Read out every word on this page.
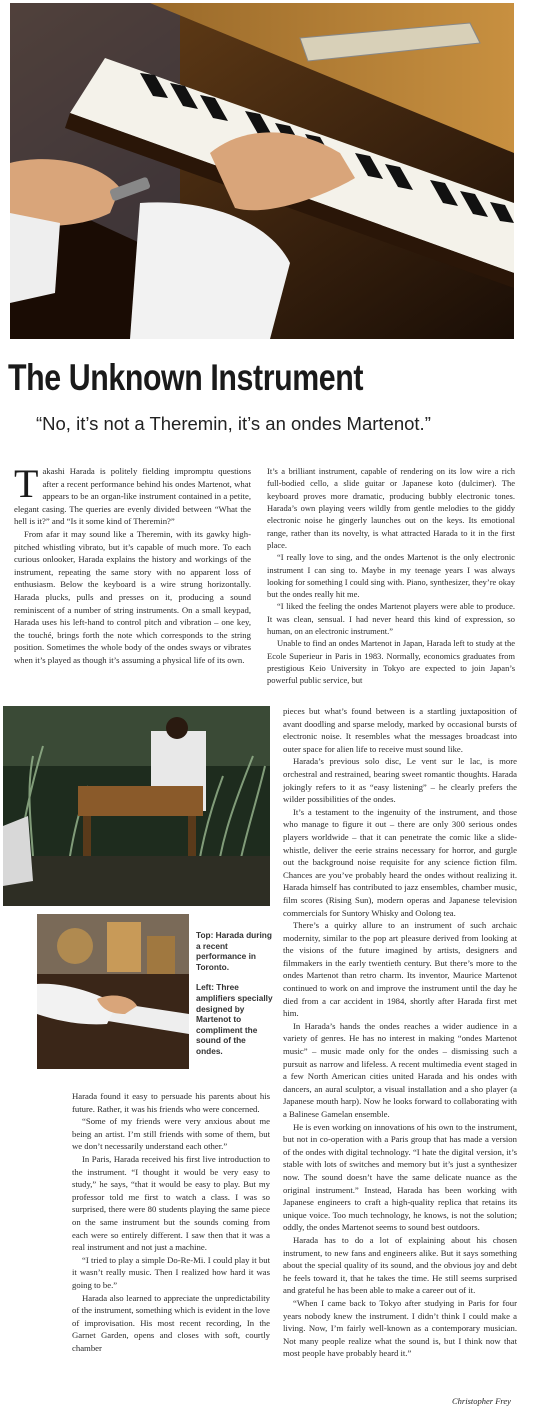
The Unknown Instrument
“No, it’s not a Theremin, it’s an ondes Martenot.”

Takashi Harada is politely fielding impromptu questions after a recent performance behind his ondes Martenot, what appears to be an organ-like instrument contained in a petite, elegant casing. The queries are evenly divided between “What the hell is it?” and “Is it some kind of Theremin?”

From afar it may sound like a Theremin, with its gawky high-pitched whistling vibrato, but it’s capable of much more. To each curious onlooker, Harada explains the history and workings of the instrument, repeating the same story with no apparent loss of enthusiasm. Below the keyboard is a wire strung horizontally. Harada plucks, pulls and presses on it, producing a sound reminiscent of a number of string instruments. On a small keypad, Harada uses his left-hand to control pitch and vibration – one key, the touché, brings forth the note which corresponds to the string position. Sometimes the whole body of the ondes sways or vibrates when it’s played as though it’s assuming a physical life of its own.

It’s a brilliant instrument, capable of rendering on its low wire a rich full-bodied cello, a slide guitar or Japanese koto (dulcimer). The keyboard proves more dramatic, producing bubbly electronic tones. Harada’s own playing veers wildly from gentle melodies to the giddy electronic noise he gingerly launches out on the keys. Its emotional range, rather than its novelty, is what attracted Harada to it in the first place.

“I really love to sing, and the ondes Martenot is the only electronic instrument I can sing to. Maybe in my teenage years I was always looking for something I could sing with. Piano, synthesizer, they’re okay but the ondes really hit me.

“I liked the feeling the ondes Martenot players were able to produce. It was clean, sensual. I had never heard this kind of expression, so human, on an electronic instrument.”

Unable to find an ondes Martenot in Japan, Harada left to study at the Ecole Superieur in Paris in 1983. Normally, economics graduates from prestigious Keio University in Tokyo are expected to join Japan’s powerful public service, but

Top: Harada during a recent performance in Toronto.
Left: Three amplifiers specially designed by Martenot to compliment the sound of the ondes.

pieces but what’s found between is a startling juxtaposition of avant doodling and sparse melody, marked by occasional bursts of electronic noise. It resembles what the messages broadcast into outer space for alien life to receive must sound like.

Harada’s previous solo disc, Le vent sur le lac, is more orchestral and restrained, bearing sweet romantic thoughts. Harada jokingly refers to it as “easy listening” – he clearly prefers the wilder possibilities of the ondes.

It’s a testament to the ingenuity of the instrument, and those who manage to figure it out – there are only 300 serious ondes players worldwide – that it can penetrate the comic like a slide-whistle, deliver the eerie strains necessary for horror, and gurgle out the background noise requisite for any science fiction film. Chances are you’ve probably heard the ondes without realizing it. Harada himself has contributed to jazz ensembles, chamber music, film scores (Rising Sun), modern operas and Japanese television commercials for Suntory Whisky and Oolong tea.

There’s a quirky allure to an instrument of such archaic modernity, similar to the pop art pleasure derived from looking at the visions of the future imagined by artists, designers and filmmakers in the early twentieth century. But there’s more to the ondes Martenot than retro charm. Its inventor, Maurice Martenot continued to work on and improve the instrument until the day he died from a car accident in 1984, shortly after Harada first met him.

In Harada’s hands the ondes reaches a wider audience in a variety of genres. He has no interest in making “ondes Martenot music” – music made only for the ondes – dismissing such a pursuit as narrow and lifeless. A recent multimedia event staged in a few North American cities united Harada and his ondes with dancers, an aural sculptor, a visual installation and a sho player (a Japanese mouth harp). Now he looks forward to collaborating with a Balinese Gamelan ensemble.

He is even working on innovations of his own to the instrument, but not in co-operation with a Paris group that has made a version of the ondes with digital technology. “I hate the digital version, it’s stable with lots of switches and memory but it’s just a synthesizer now. The sound doesn’t have the same delicate nuance as the original instrument.” Instead, Harada has been working with Japanese engineers to craft a high-quality replica that retains its unique voice. Too much technology, he knows, is not the solution; oddly, the ondes Martenot seems to sound best outdoors.

Harada has to do a lot of explaining about his chosen instrument, to new fans and engineers alike. But it says something about the special quality of its sound, and the obvious joy and debt he feels toward it, that he takes the time. He still seems surprised and grateful he has been able to make a career out of it.

“When I came back to Tokyo after studying in Paris for four years nobody knew the instrument. I didn’t think I could make a living. Now, I’m fairly well-known as a contemporary musician. Not many people realize what the sound is, but I think now that most people have probably heard it.”

Harada found it easy to persuade his parents about his future. Rather, it was his friends who were concerned.

“Some of my friends were very anxious about me being an artist. I’m still friends with some of them, but we don’t necessarily understand each other.”

In Paris, Harada received his first live introduction to the instrument. “I thought it would be very easy to study,” he says, “that it would be easy to play. But my professor told me first to watch a class. I was so surprised, there were 80 students playing the same piece on the same instrument but the sounds coming from each were so entirely different. I saw then that it was a real instrument and not just a machine.

“I tried to play a simple Do-Re-Mi. I could play it but it wasn’t really music. Then I realized how hard it was going to be.”

Harada also learned to appreciate the unpredictability of the instrument, something which is evident in the love of improvisation. His most recent recording, In the Garnet Garden, opens and closes with soft, courtly chamber

Christopher Frey
